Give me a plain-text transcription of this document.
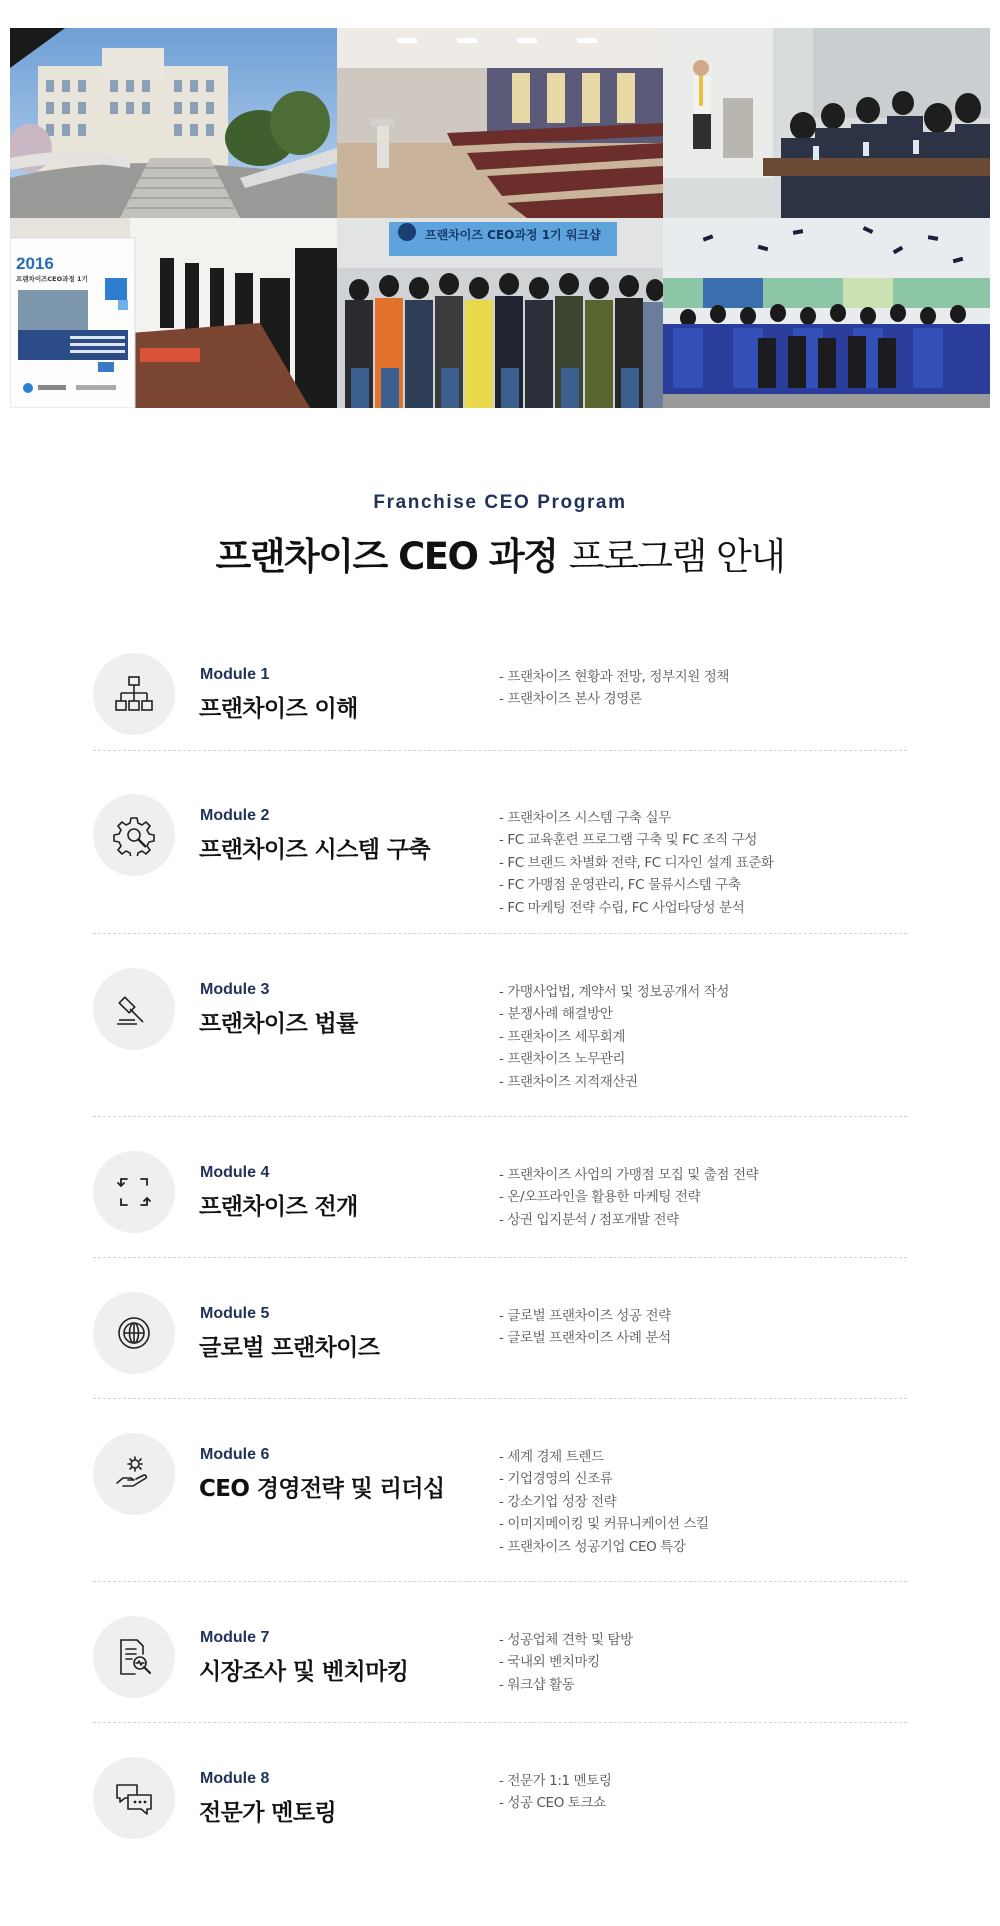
2016
프랜차이즈CEO과정 1기
프랜차이즈 CEO과정 1기 워크샵
Franchise CEO Program
프랜차이즈 CEO 과정 프로그램 안내
Module 1
프랜차이즈 이해
- 프랜차이즈 현황과 전망, 정부지원 정책
- 프랜차이즈 본사 경영론
Module 2
프랜차이즈 시스템 구축
- 프랜차이즈 시스템 구축 실무
- FC 교육훈련 프로그램 구축 및 FC 조직 구성
- FC 브랜드 차별화 전략, FC 디자인 설계 표준화
- FC 가맹점 운영관리, FC 물류시스템 구축
- FC 마케팅 전략 수립, FC 사업타당성 분석
Module 3
프랜차이즈 법률
- 가맹사업법, 계약서 및 정보공개서 작성
- 분쟁사례 해결방안
- 프랜차이즈 세무회계
- 프랜차이즈 노무관리
- 프랜차이즈 지적재산권
Module 4
프랜차이즈 전개
- 프랜차이즈 사업의 가맹점 모집 및 출점 전략
- 온/오프라인을 활용한 마케팅 전략
- 상권 입지분석 / 점포개발 전략
Module 5
글로벌 프랜차이즈
- 글로벌 프랜차이즈 성공 전략
- 글로벌 프랜차이즈 사례 분석
Module 6
CEO 경영전략 및 리더십
- 세계 경제 트렌드
- 기업경영의 신조류
- 강소기업 성장 전략
- 이미지메이킹 및 커뮤니케이션 스킬
- 프랜차이즈 성공기업 CEO 특강
Module 7
시장조사 및 벤치마킹
- 성공업체 견학 및 탐방
- 국내외 벤치마킹
- 워크샵 활동
Module 8
전문가 멘토링
- 전문가 1:1 멘토링
- 성공 CEO 토크쇼
